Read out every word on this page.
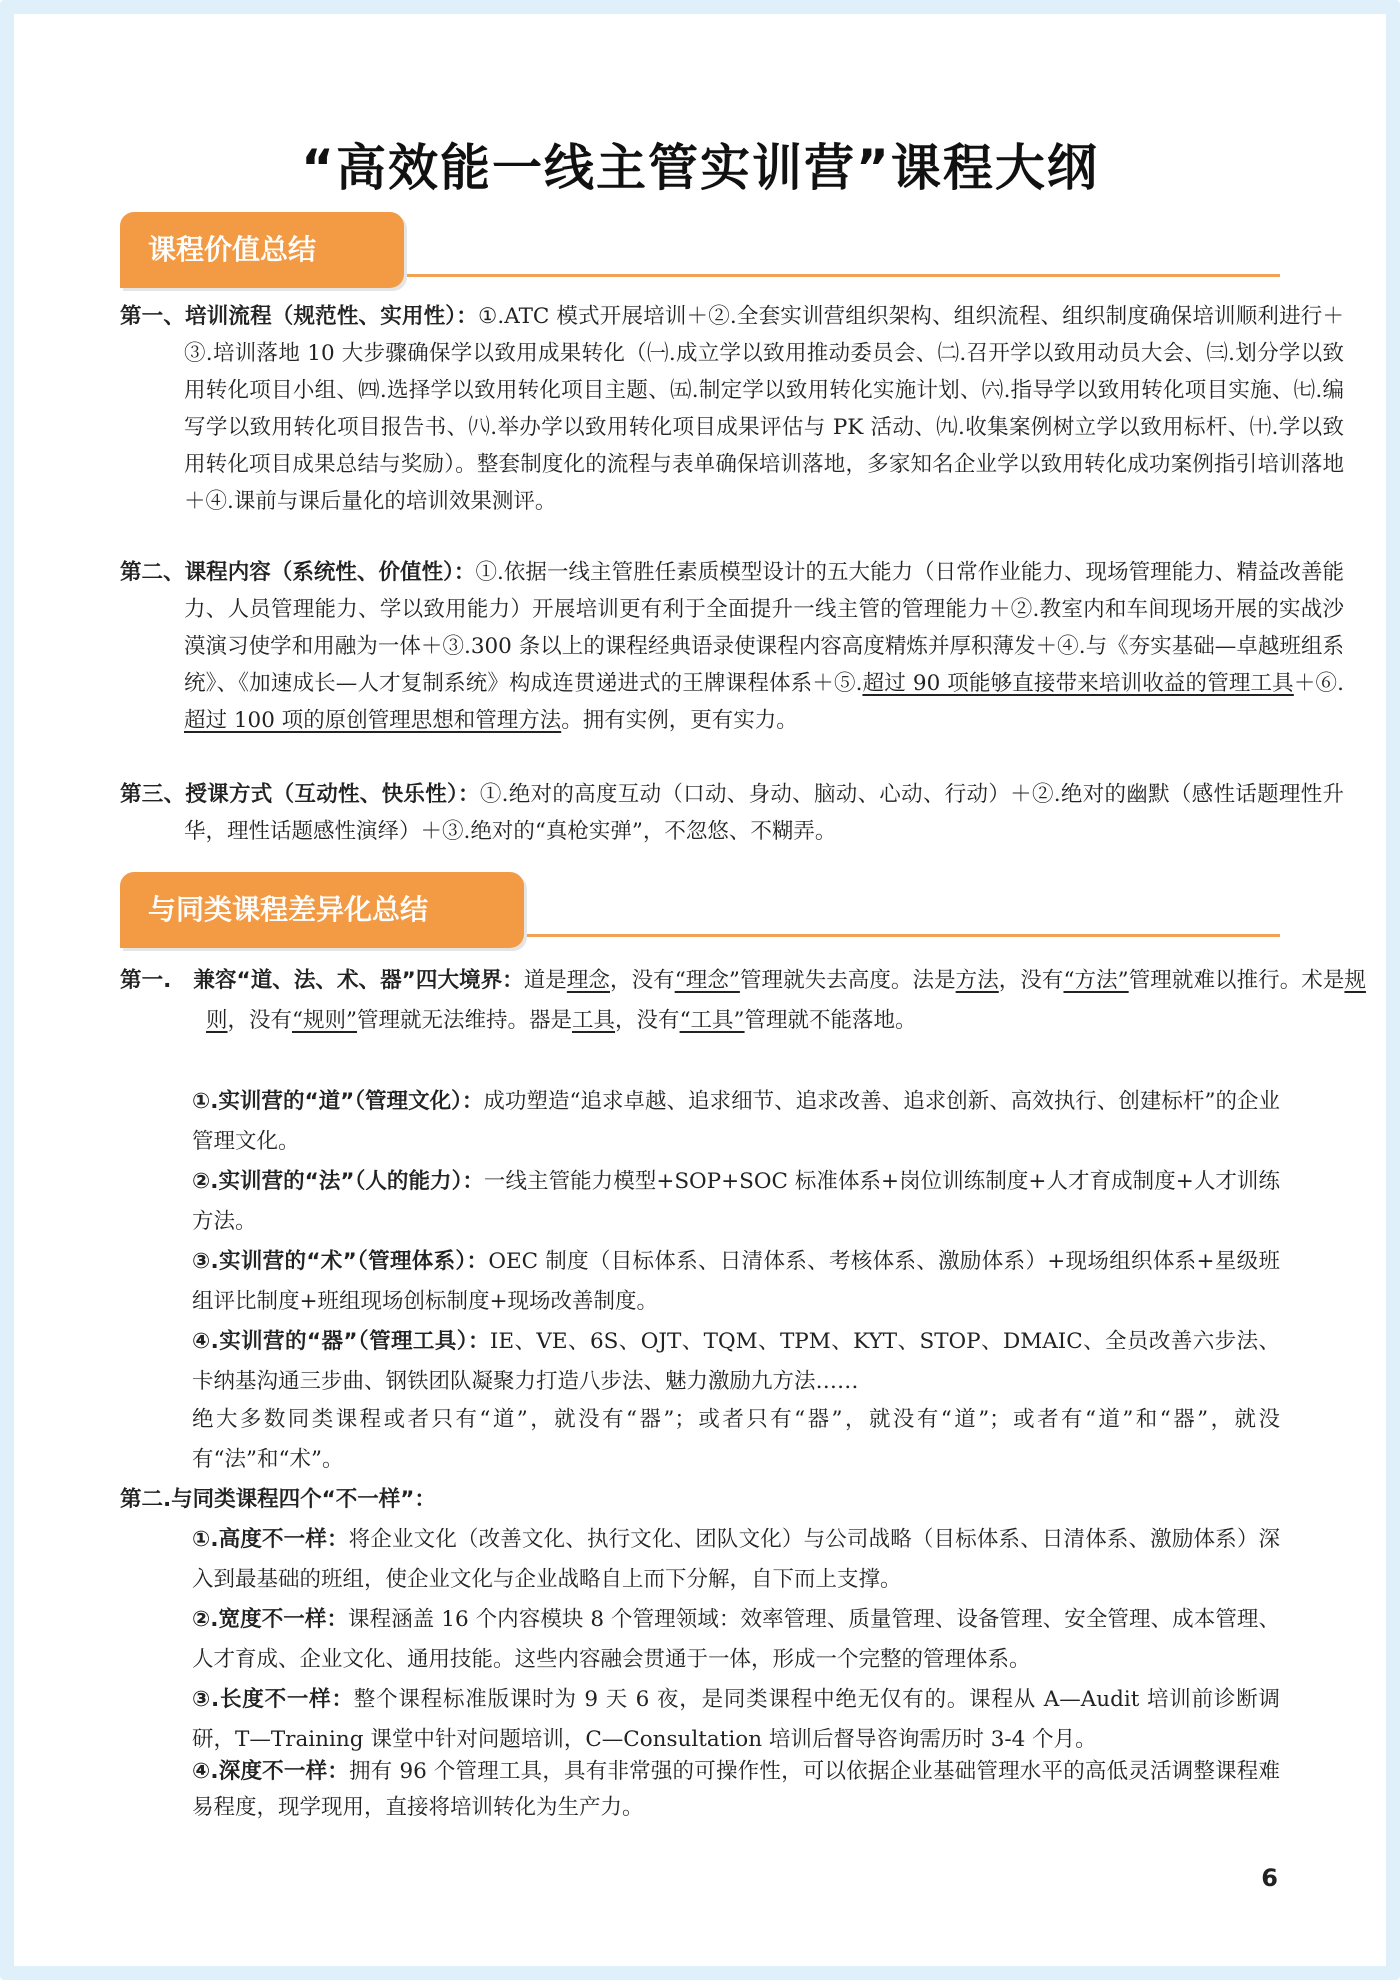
“高效能一线主管实训营”课程大纲
课程价值总结
第一、培训流程（规范性、实用性）：①.ATC 模式开展培训＋②.全套实训营组织架构、组织流程、组织制度确保培训顺利进行＋③.培训落地 10 大步骤确保学以致用成果转化（㈠.成立学以致用推动委员会、㈡.召开学以致用动员大会、㈢.划分学以致用转化项目小组、㈣.选择学以致用转化项目主题、㈤.制定学以致用转化实施计划、㈥.指导学以致用转化项目实施、㈦.编写学以致用转化项目报告书、㈧.举办学以致用转化项目成果评估与 PK 活动、㈨.收集案例树立学以致用标杆、㈩.学以致用转化项目成果总结与奖励）。整套制度化的流程与表单确保培训落地，多家知名企业学以致用转化成功案例指引培训落地＋④.课前与课后量化的培训效果测评。
第二、课程内容（系统性、价值性）：①.依据一线主管胜任素质模型设计的五大能力（日常作业能力、现场管理能力、精益改善能力、人员管理能力、学以致用能力）开展培训更有利于全面提升一线主管的管理能力＋②.教室内和车间现场开展的实战沙漠演习使学和用融为一体＋③.300 条以上的课程经典语录使课程内容高度精炼并厚积薄发＋④.与《夯实基础—卓越班组系统》、《加速成长—人才复制系统》构成连贯递进式的王牌课程体系＋⑤.超过 90 项能够直接带来培训收益的管理工具＋⑥.超过 100 项的原创管理思想和管理方法。拥有实例，更有实力。
第三、授课方式（互动性、快乐性）：①.绝对的高度互动（口动、身动、脑动、心动、行动）＋②.绝对的幽默（感性话题理性升华，理性话题感性演绎）＋③.绝对的“真枪实弹”，不忽悠、不糊弄。
与同类课程差异化总结
第一. 兼容“道、法、术、器”四大境界：道是理念，没有“理念”管理就失去高度。法是方法，没有“方法”管理就难以推行。术是规则，没有“规则”管理就无法维持。器是工具，没有“工具”管理就不能落地。
①.实训营的“道”（管理文化）：成功塑造“追求卓越、追求细节、追求改善、追求创新、高效执行、创建标杆”的企业管理文化。
②.实训营的“法”（人的能力）：一线主管能力模型+SOP+SOC 标准体系+岗位训练制度+人才育成制度+人才训练方法。
③.实训营的“术”（管理体系）：OEC 制度（目标体系、日清体系、考核体系、激励体系）+现场组织体系+星级班组评比制度+班组现场创标制度+现场改善制度。
④.实训营的“器”（管理工具）：IE、VE、6S、OJT、TQM、TPM、KYT、STOP、DMAIC、全员改善六步法、卡纳基沟通三步曲、钢铁团队凝聚力打造八步法、魅力激励九方法……
绝大多数同类课程或者只有“道”，就没有“器”；或者只有“器”，就没有“道”；或者有“道”和“器”，就没有“法”和“术”。
第二.与同类课程四个“不一样”：
①.高度不一样：将企业文化（改善文化、执行文化、团队文化）与公司战略（目标体系、日清体系、激励体系）深入到最基础的班组，使企业文化与企业战略自上而下分解，自下而上支撑。
②.宽度不一样：课程涵盖 16 个内容模块 8 个管理领域：效率管理、质量管理、设备管理、安全管理、成本管理、人才育成、企业文化、通用技能。这些内容融会贯通于一体，形成一个完整的管理体系。
③.长度不一样：整个课程标准版课时为 9 天 6 夜，是同类课程中绝无仅有的。课程从 A—Audit 培训前诊断调研，T—Training 课堂中针对问题培训，C—Consultation 培训后督导咨询需历时 3-4 个月。
④.深度不一样：拥有 96 个管理工具，具有非常强的可操作性，可以依据企业基础管理水平的高低灵活调整课程难易程度，现学现用，直接将培训转化为生产力。
6
